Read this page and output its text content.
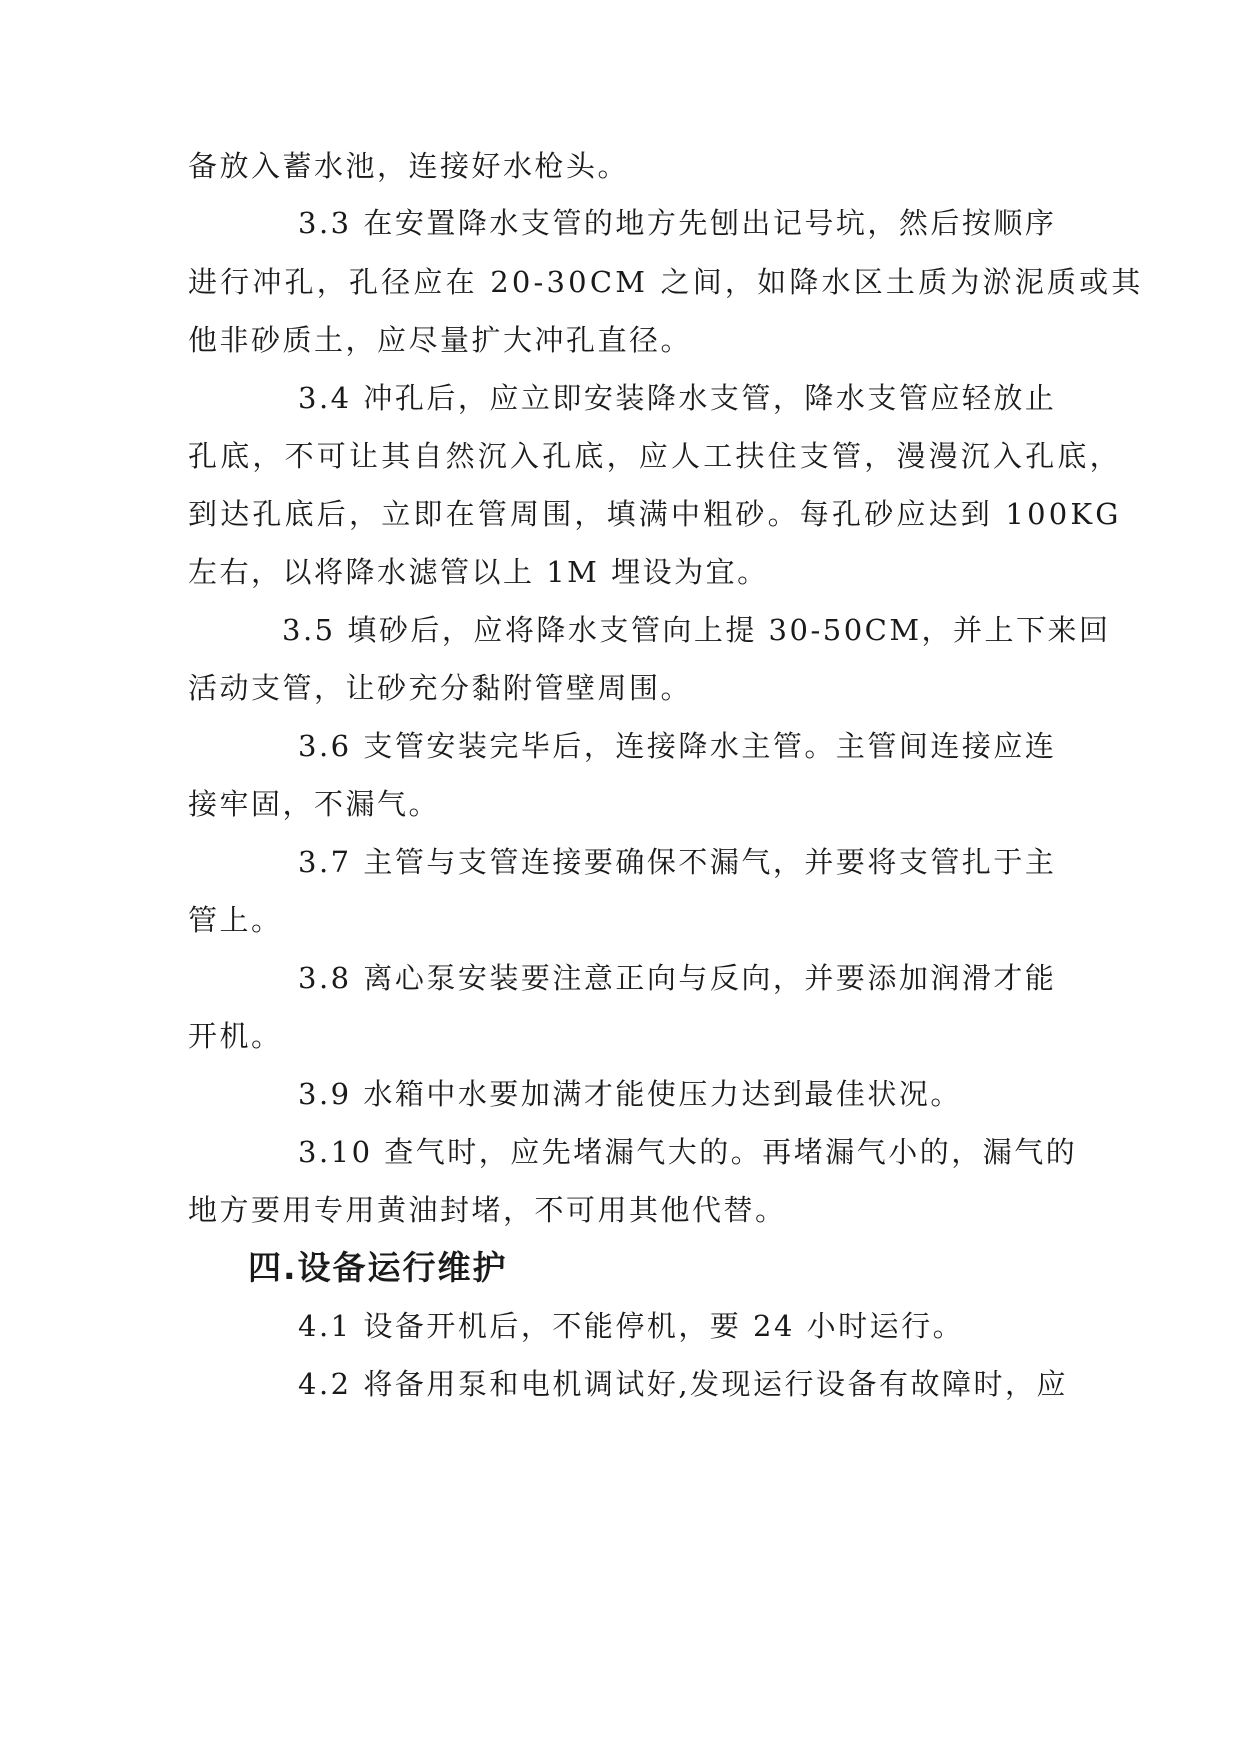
备放入蓄水池，连接好水枪头。
3.3 在安置降水支管的地方先刨出记号坑，然后按顺序
进行冲孔，孔径应在 20-30CM 之间，如降水区土质为淤泥质或其
他非砂质土，应尽量扩大冲孔直径。
3.4 冲孔后，应立即安装降水支管，降水支管应轻放止
孔底，不可让其自然沉入孔底，应人工扶住支管，漫漫沉入孔底，
到达孔底后，立即在管周围，填满中粗砂。每孔砂应达到 100KG
左右，以将降水滤管以上 1M 埋设为宜。
3.5 填砂后，应将降水支管向上提 30-50CM，并上下来回
活动支管，让砂充分黏附管壁周围。
3.6 支管安装完毕后，连接降水主管。主管间连接应连
接牢固，不漏气。
3.7 主管与支管连接要确保不漏气，并要将支管扎于主
管上。
3.8 离心泵安装要注意正向与反向，并要添加润滑才能
开机。
3.9 水箱中水要加满才能使压力达到最佳状况。
3.10 查气时，应先堵漏气大的。再堵漏气小的，漏气的
地方要用专用黄油封堵，不可用其他代替。
四.设备运行维护
4.1 设备开机后，不能停机，要 24 小时运行。
4.2 将备用泵和电机调试好,发现运行设备有故障时，应
